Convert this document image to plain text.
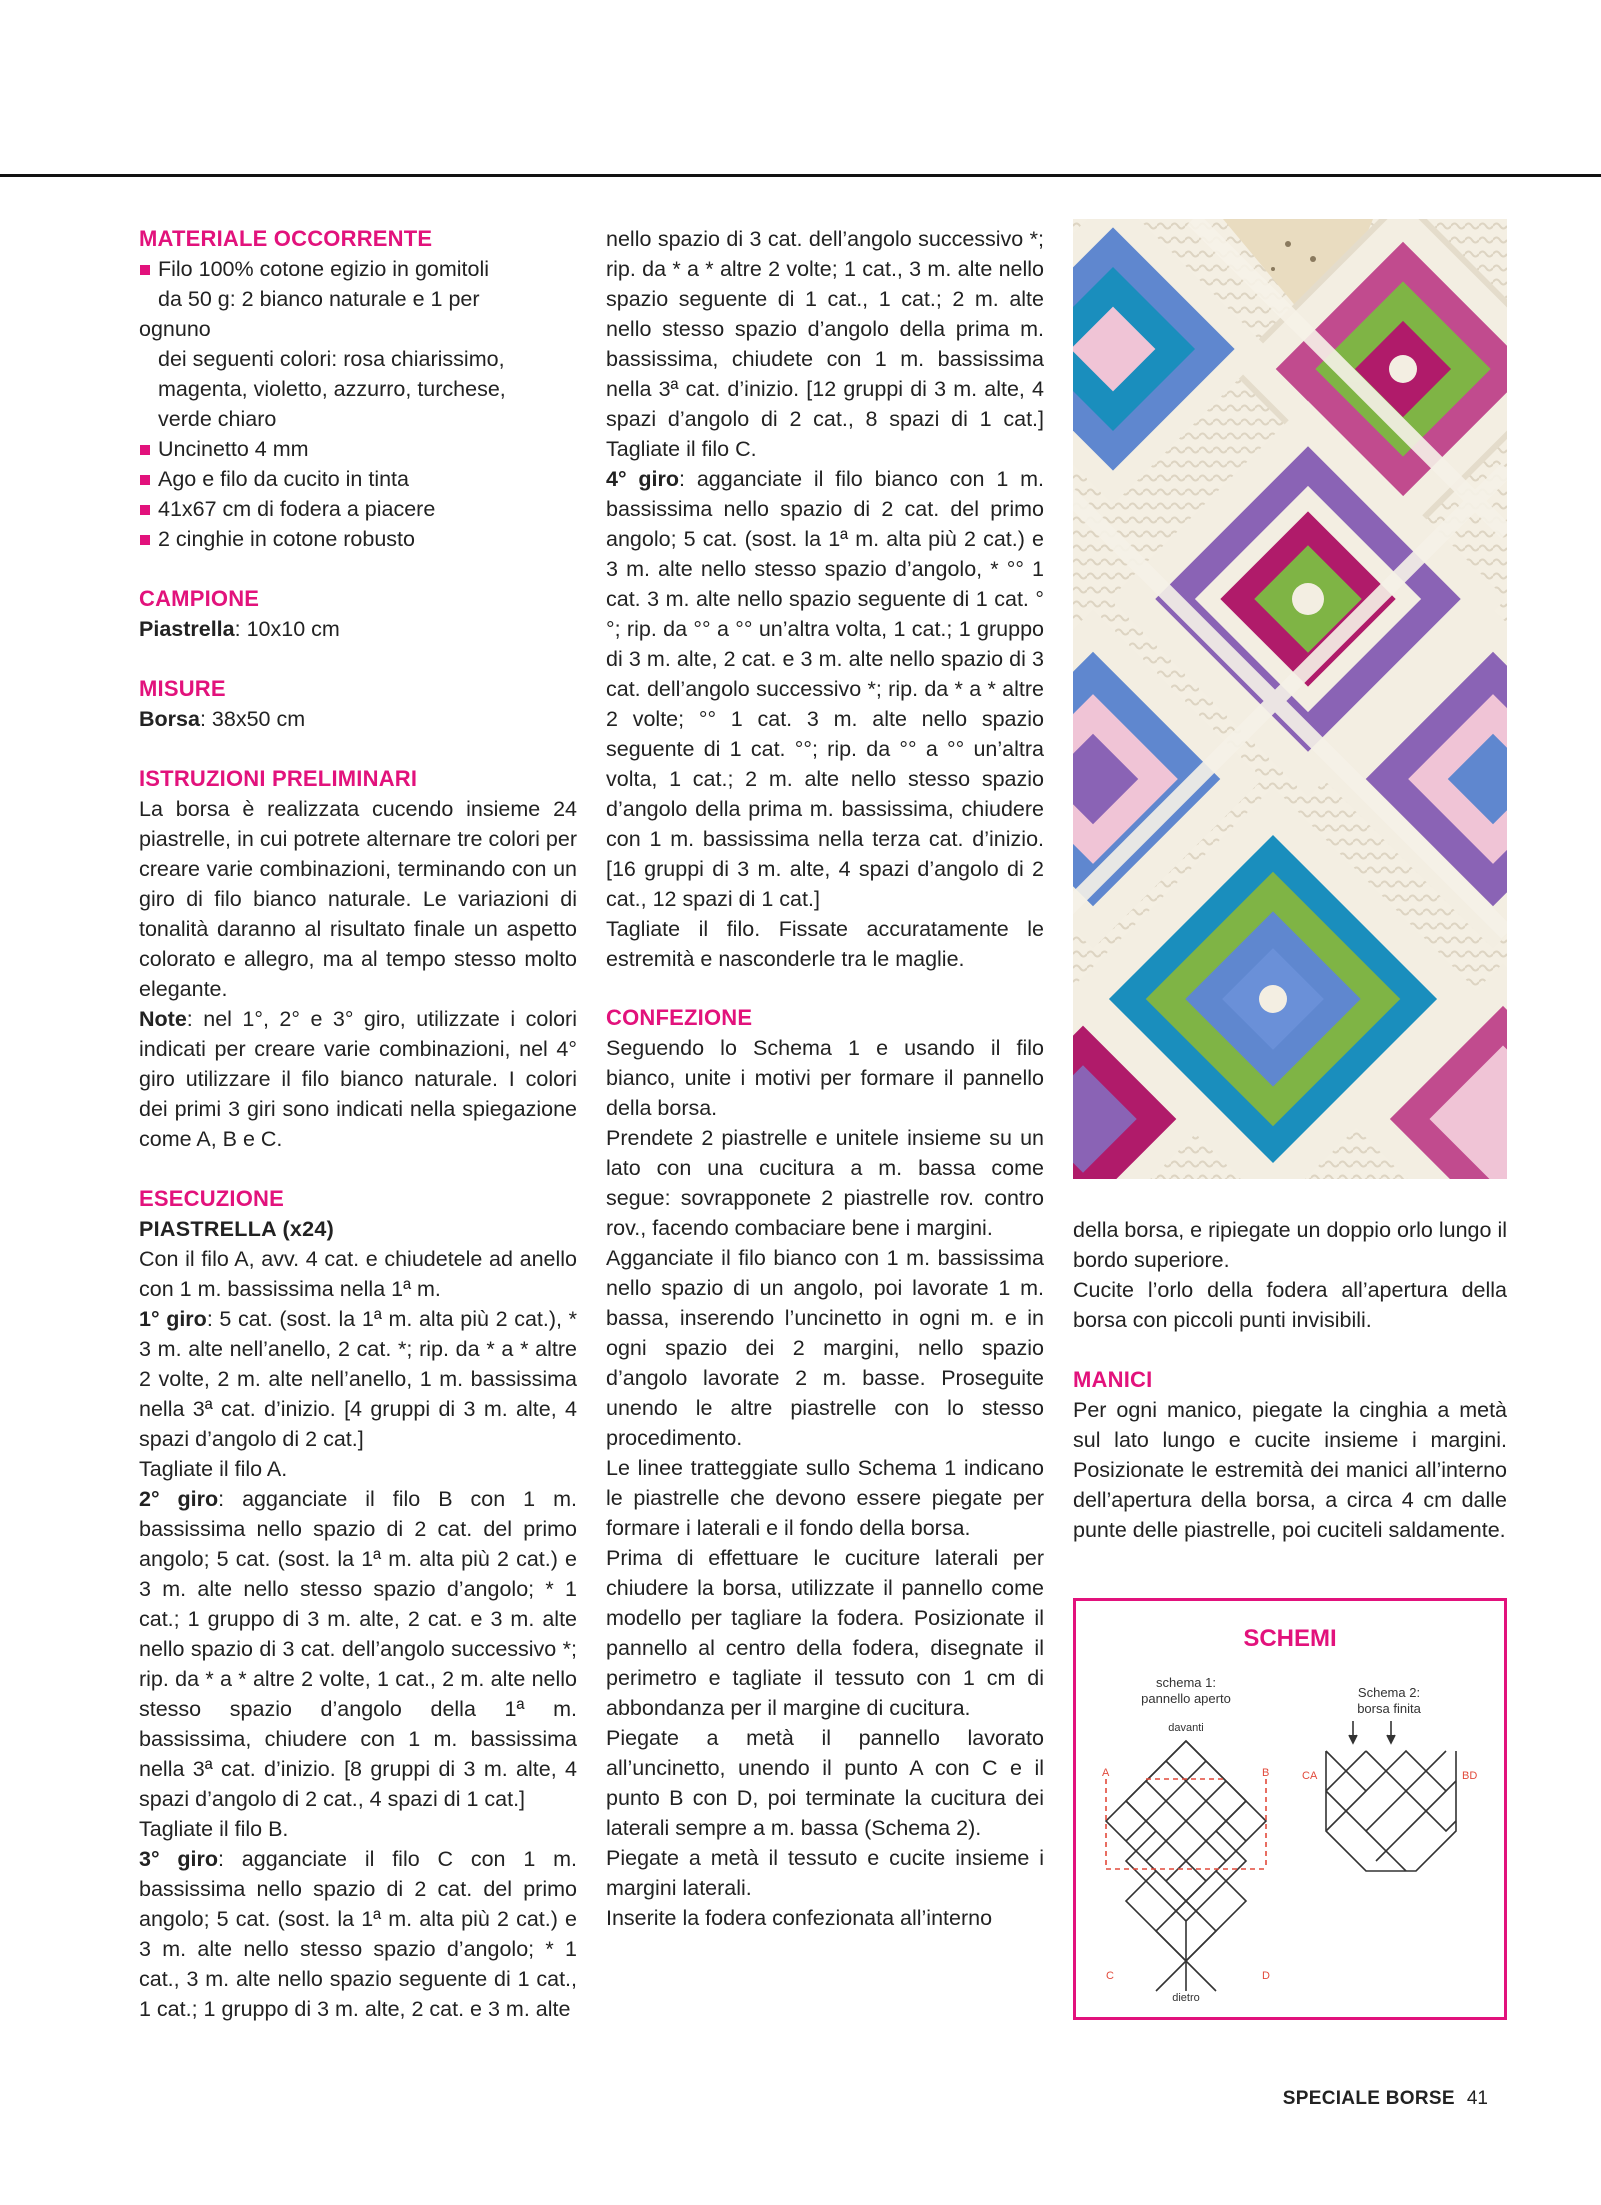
MATERIALE OCCORRENTE

Filo 100% cotone egizio in gomitoli

da 50 g: 2 bianco naturale e 1 per

ognuno

dei seguenti colori: rosa chiarissimo,

magenta, violetto, azzurro, turchese,

verde chiaro

Uncinetto 4 mm

Ago e filo da cucito in tinta

41x67 cm di fodera a piacere

2 cinghie in cotone robusto

CAMPIONE

Piastrella: 10x10 cm

MISURE

Borsa: 38x50 cm

ISTRUZIONI PRELIMINARI

La borsa è realizzata cucendo insieme 24 piastrelle, in cui potrete alternare tre colori per creare varie combinazioni, terminando con un giro di filo bianco naturale. Le variazioni di tonalità daranno al risultato finale un aspetto colorato e allegro, ma al tempo stesso molto elegante.

Note: nel 1°, 2° e 3° giro, utilizzate i colori indicati per creare varie combinazioni, nel 4° giro utilizzare il filo bianco naturale. I colori dei primi 3 giri sono indicati nella spiegazione come A, B e C.

ESECUZIONE

PIASTRELLA (x24)

Con il filo A, avv. 4 cat. e chiudetele ad anello con 1 m. bassissima nella 1ª m.

1° giro: 5 cat. (sost. la 1ª m. alta più 2 cat.), * 3 m. alte nell’anello, 2 cat. *; rip. da * a * altre 2 volte, 2 m. alte nell’anello, 1 m. bassissima nella 3ª cat. d’inizio. [4 gruppi di 3 m. alte, 4 spazi d’angolo di 2 cat.]

Tagliate il filo A.

2° giro: agganciate il filo B con 1 m. bassissima nello spazio di 2 cat. del primo angolo; 5 cat. (sost. la 1ª m. alta più 2 cat.) e 3 m. alte nello stesso spazio d’angolo; * 1 cat.; 1 gruppo di 3 m. alte, 2 cat. e 3 m. alte nello spazio di 3 cat. dell’angolo successivo *; rip. da * a * altre 2 volte, 1 cat., 2 m. alte nello stesso spazio d’angolo della 1ª m. bassissima, chiudere con 1 m. bassissima nella 3ª cat. d’inizio. [8 gruppi di 3 m. alte, 4 spazi d’angolo di 2 cat., 4 spazi di 1 cat.]

Tagliate il filo B.

3° giro: agganciate il filo C con 1 m. bassissima nello spazio di 2 cat. del primo angolo; 5 cat. (sost. la 1ª m. alta più 2 cat.) e 3 m. alte nello stesso spazio d’angolo; * 1 cat., 3 m. alte nello spazio seguente di 1 cat., 1 cat.; 1 gruppo di 3 m. alte, 2 cat. e 3 m. alte

nello spazio di 3 cat. dell’angolo successivo *; rip. da * a * altre 2 volte; 1 cat., 3 m. alte nello spazio seguente di 1 cat., 1 cat.; 2 m. alte nello stesso spazio d’angolo della prima m. bassissima, chiudete con 1 m. bassissima nella 3ª cat. d’inizio. [12 gruppi di 3 m. alte, 4 spazi d’angolo di 2 cat., 8 spazi di 1 cat.] Tagliate il filo C.

4° giro: agganciate il filo bianco con 1 m. bassissima nello spazio di 2 cat. del primo angolo; 5 cat. (sost. la 1ª m. alta più 2 cat.) e 3 m. alte nello stesso spazio d’angolo, * °° 1 cat. 3 m. alte nello spazio seguente di 1 cat. °°; rip. da °° a °° un’altra volta, 1 cat.; 1 gruppo di 3 m. alte, 2 cat. e 3 m. alte nello spazio di 3 cat. dell’angolo successivo *; rip. da * a * altre 2 volte; °° 1 cat. 3 m. alte nello spazio seguente di 1 cat. °°; rip. da °° a °° un’altra volta, 1 cat.; 2 m. alte nello stesso spazio d’angolo della prima m. bassissima, chiudere con 1 m. bassissima nella terza cat. d’inizio. [16 gruppi di 3 m. alte, 4 spazi d’angolo di 2 cat., 12 spazi di 1 cat.]

Tagliate il filo. Fissate accuratamente le estremità e nasconderle tra le maglie.

CONFEZIONE

Seguendo lo Schema 1 e usando il filo bianco, unite i motivi per formare il pannello della borsa.

Prendete 2 piastrelle e unitele insieme su un lato con una cucitura a m. bassa come segue: sovrapponete 2 piastrelle rov. contro rov., facendo combaciare bene i margini.

Agganciate il filo bianco con 1 m. bassissima nello spazio di un angolo, poi lavorate 1 m. bassa, inserendo l’uncinetto in ogni m. e in ogni spazio dei 2 margini, nello spazio d’angolo lavorate 2 m. basse. Proseguite unendo le altre piastrelle con lo stesso procedimento.

Le linee tratteggiate sullo Schema 1 indicano le piastrelle che devono essere piegate per formare i laterali e il fondo della borsa.

Prima di effettuare le cuciture laterali per chiudere la borsa, utilizzate il pannello come modello per tagliare la fodera. Posizionate il pannello al centro della fodera, disegnate il perimetro e tagliate il tessuto con 1 cm di abbondanza per il margine di cucitura.

Piegate a metà il pannello lavorato all’uncinetto, unendo il punto A con C e il punto B con D, poi terminate la cucitura dei laterali sempre a m. bassa (Schema 2).

Piegate a metà il tessuto e cucite insieme i margini laterali.

Inserite la fodera confezionata all’interno

della borsa, e ripiegate un doppio orlo lungo il bordo superiore.

Cucite l’orlo della fodera all’apertura della borsa con piccoli punti invisibili.

MANICI

Per ogni manico, piegate la cinghia a metà sul lato lungo e cucite insieme i margini. Posizionate le estremità dei manici all’interno dell’apertura della borsa, a circa 4 cm dalle punte delle piastrelle, poi cuciteli saldamente.

SCHEMI
schema 1:
pannello aperto
davanti
Schema 2:
borsa finita
dietro
A	B
C	D
CA	BD
SPECIALE BORSE 41
